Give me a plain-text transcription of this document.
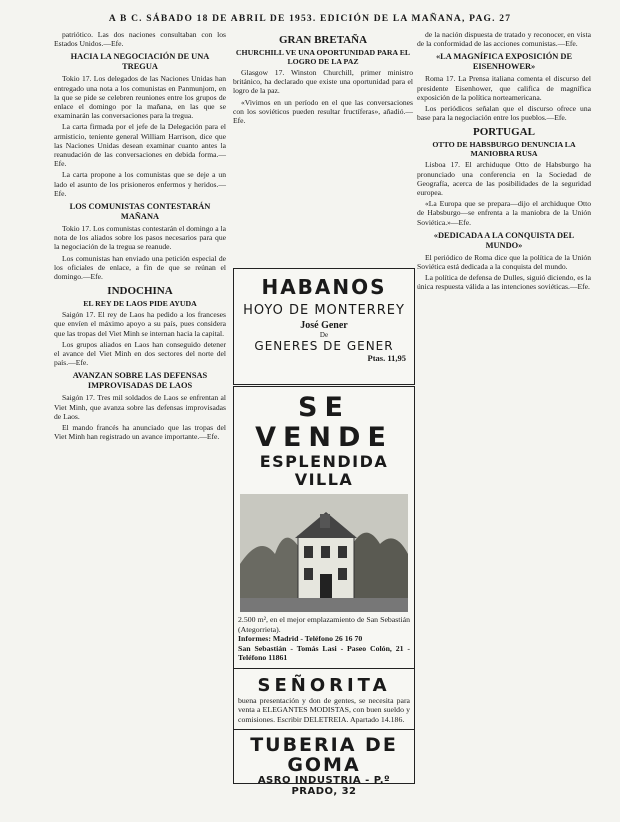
A B C. SÁBADO 18 DE ABRIL DE 1953. EDICIÓN DE LA MAÑANA, PAG. 27

patriótico. Las dos naciones consultaban con los Estados Unidos.—Efe.

HACIA LA NEGOCIACIÓN DE UNA TREGUA

Tokio 17. Los delegados de las Naciones Unidas han entregado una nota a los comunistas en Panmunjom, en la que se pide se celebren reuniones entre los grupos de enlace el domingo por la mañana, en las que se examinarán las conversaciones para la tregua.

La carta firmada por el jefe de la Delegación para el armisticio, teniente general William Harrison, dice que las Naciones Unidas desean examinar cuanto antes la reanudación de las conversaciones en debida forma.—Efe.

La carta propone a los comunistas que se deje a un lado el asunto de los prisioneros enfermos y heridos.—Efe.

LOS COMUNISTAS CONTESTARÁN MAÑANA

Tokio 17. Los comunistas contestarán el domingo a la nota de los aliados sobre los pasos necesarios para que la negociación de la tregua se reanude.

Los comunistas han enviado una petición especial de los oficiales de enlace, a fin de que se reúnan el domingo.—Efe.

INDOCHINA
EL REY DE LAOS PIDE AYUDA

Saigón 17. El rey de Laos ha pedido a los franceses que envíen el máximo apoyo a su país, pues considera que las tropas del Viet Minh se internan hacia la capital.

Los grupos aliados en Laos han conseguido detener el avance del Viet Minh en dos sectores del norte del país.—Efe.

AVANZAN SOBRE LAS DEFENSAS IMPROVISADAS DE LAOS

Saigón 17. Tres mil soldados de Laos se enfrentan al Viet Minh, que avanza sobre las defensas improvisadas de Laos.

El mando francés ha anunciado que las tropas del Viet Minh han registrado un avance importante.—Efe.

GRAN BRETAÑA
CHURCHILL VE UNA OPORTUNIDAD PARA EL LOGRO DE LA PAZ

Glasgow 17. Winston Churchill, primer ministro británico, ha declarado que existe una oportunidad para el logro de la paz.

«Vivimos en un período en el que las conversaciones con los soviéticos pueden resultar fructíferas», añadió.—Efe.

HABANOS
HOYO DE MONTERREY
José Gener
De
GENERES DE GENER
Ptas. 11,95
SE VENDE
ESPLENDIDA VILLA
2.500 m², en el mejor emplazamiento de San Sebastián (Ategorrieta).
Informes: Madrid - Teléfono 26 16 70
San Sebastián - Tomás Lasi - Paseo Colón, 21 - Teléfono 11861
SEÑORITA
buena presentación y don de gentes, se necesita para venta a ELEGANTES MODISTAS, con buen sueldo y comisiones. Escribir DELETREIA. Apartado 14.186.
TUBERIA DE GOMA
ASRO INDUSTRIA - P.º PRADO, 32

de la nación dispuesta de tratado y reconocer, en vista de la conformidad de las acciones comunistas.—Efe.

«LA MAGNÍFICA EXPOSICIÓN DE EISENHOWER»

Roma 17. La Prensa italiana comenta el discurso del presidente Eisenhower, que califica de magnífica exposición de la política norteamericana.

Los periódicos señalan que el discurso ofrece una base para la negociación entre los pueblos.—Efe.

PORTUGAL
OTTO DE HABSBURGO DENUNCIA LA MANIOBRA RUSA

Lisboa 17. El archiduque Otto de Habsburgo ha pronunciado una conferencia en la Sociedad de Geografía, acerca de las posibilidades de la seguridad europea.

«La Europa que se prepara—dijo el archiduque Otto de Habsburgo—se enfrenta a la maniobra de la Unión Soviética.»—Efe.

«DEDICADA A LA CONQUISTA DEL MUNDO»

El periódico de Roma dice que la política de la Unión Soviética está dedicada a la conquista del mundo.

La política de defensa de Dulles, siguió diciendo, es la única respuesta válida a las intenciones soviéticas.—Efe.
